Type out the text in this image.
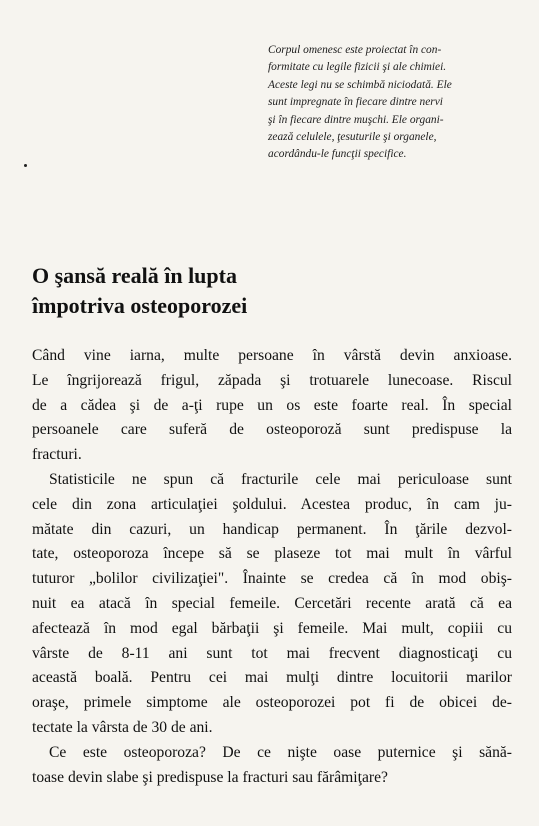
Corpul omenesc este proiectat în con-
formitate cu legile fizicii şi ale chimiei.
Aceste legi nu se schimbă niciodată. Ele
sunt impregnate în fiecare dintre nervi
şi în fiecare dintre muşchi. Ele organi-
zează celulele, ţesuturile şi organele,
acordându-le funcţii specifice.
O şansă reală în lupta
împotriva osteoporozei
Când vine iarna, multe persoane în vârstă devin anxioase.
Le îngrijorează frigul, zăpada şi trotuarele lunecoase. Riscul
de a cădea şi de a-ţi rupe un os este foarte real. În special
persoanele care suferă de osteoporoză sunt predispuse la
fracturi.
Statisticile ne spun că fracturile cele mai periculoase sunt
cele din zona articulaţiei şoldului. Acestea produc, în cam ju-
mătate din cazuri, un handicap permanent. În ţările dezvol-
tate, osteoporoza începe să se plaseze tot mai mult în vârful
tuturor „bolilor civilizaţiei". Înainte se credea că în mod obiş-
nuit ea atacă în special femeile. Cercetări recente arată că ea
afectează în mod egal bărbaţii şi femeile. Mai mult, copiii cu
vârste de 8-11 ani sunt tot mai frecvent diagnosticaţi cu
această boală. Pentru cei mai mulţi dintre locuitorii marilor
oraşe, primele simptome ale osteoporozei pot fi de obicei de-
tectate la vârsta de 30 de ani.
Ce este osteoporoza? De ce nişte oase puternice şi sănă-
toase devin slabe şi predispuse la fracturi sau fărâmiţare?
